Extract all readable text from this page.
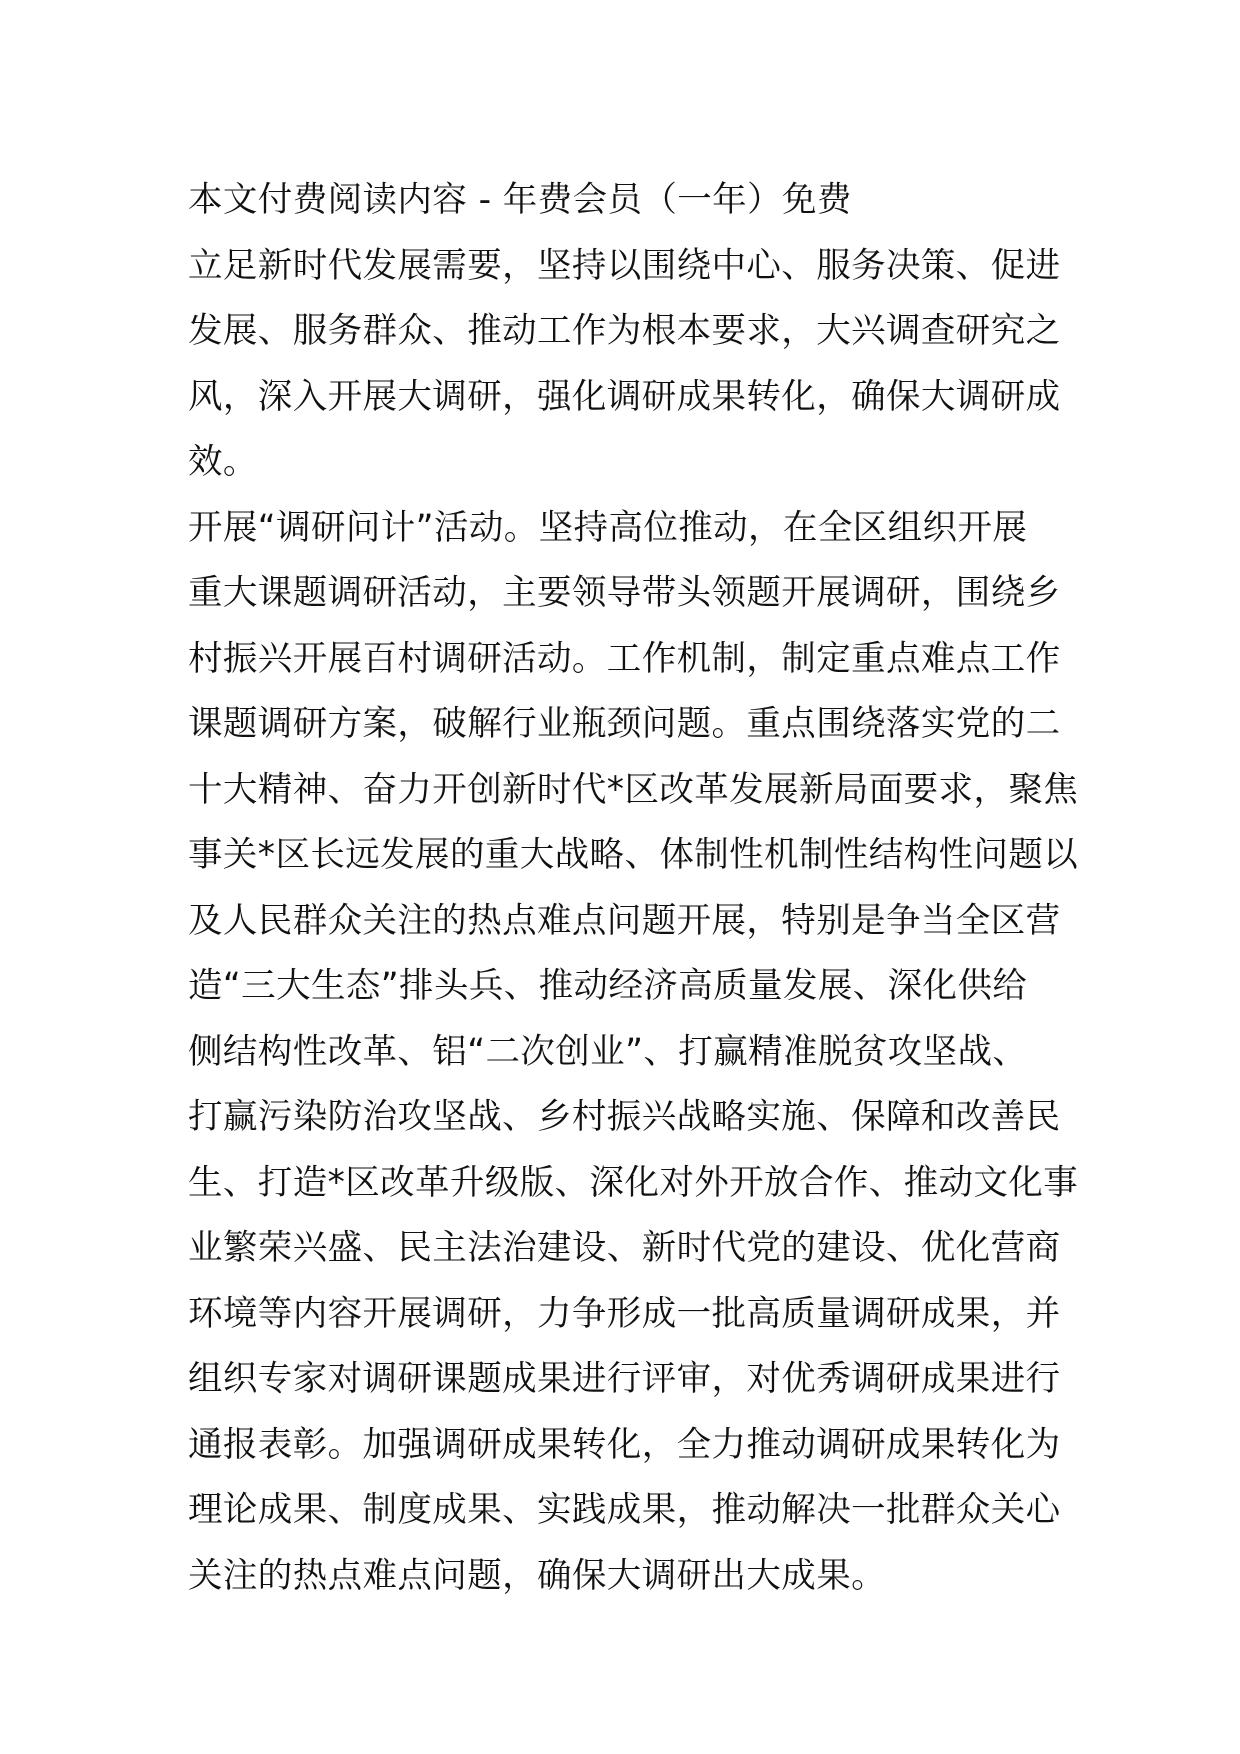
本文付费阅读内容 - 年费会员（一年）免费
立足新时代发展需要，坚持以围绕中心、服务决策、促进
发展、服务群众、推动工作为根本要求，大兴调查研究之
风，深入开展大调研，强化调研成果转化，确保大调研成
效。
开展“调研问计”活动。坚持高位推动，在全区组织开展
重大课题调研活动，主要领导带头领题开展调研，围绕乡
村振兴开展百村调研活动。工作机制，制定重点难点工作
课题调研方案，破解行业瓶颈问题。重点围绕落实党的二
十大精神、奋力开创新时代*区改革发展新局面要求，聚焦
事关*区长远发展的重大战略、体制性机制性结构性问题以
及人民群众关注的热点难点问题开展，特别是争当全区营
造“三大生态”排头兵、推动经济高质量发展、深化供给
侧结构性改革、铝“二次创业”、打赢精准脱贫攻坚战、
打赢污染防治攻坚战、乡村振兴战略实施、保障和改善民
生、打造*区改革升级版、深化对外开放合作、推动文化事
业繁荣兴盛、民主法治建设、新时代党的建设、优化营商
环境等内容开展调研，力争形成一批高质量调研成果，并
组织专家对调研课题成果进行评审，对优秀调研成果进行
通报表彰。加强调研成果转化，全力推动调研成果转化为
理论成果、制度成果、实践成果，推动解决一批群众关心
关注的热点难点问题，确保大调研出大成果。
